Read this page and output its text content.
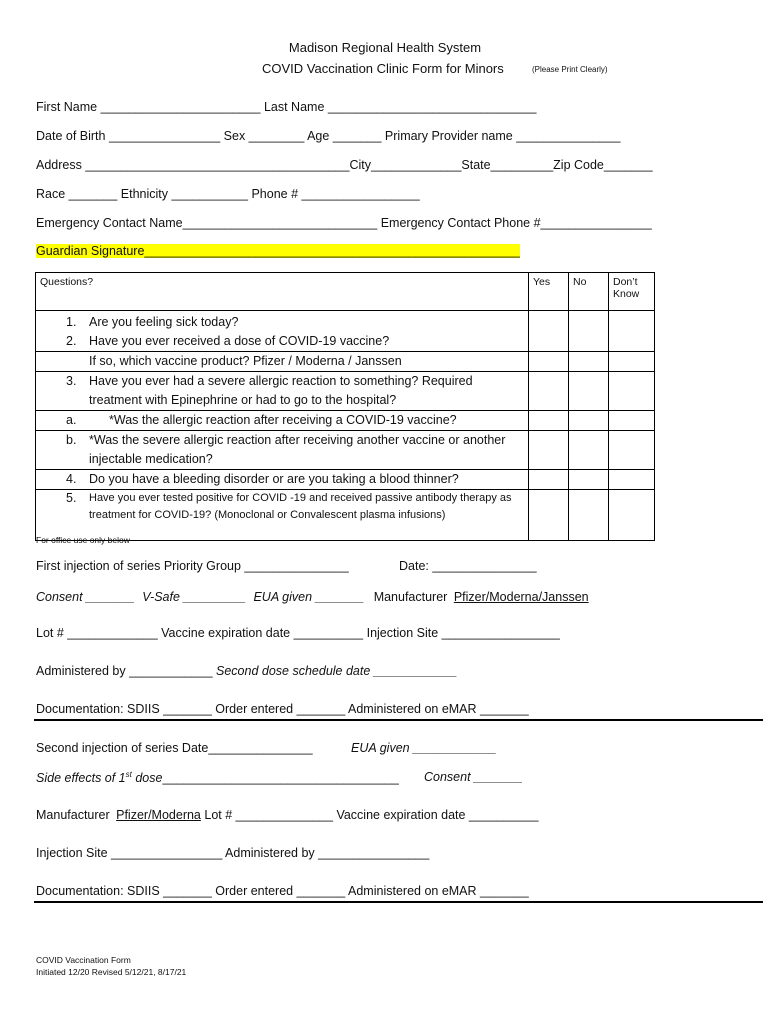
Madison Regional Health System
COVID Vaccination Clinic Form for Minors	(Please Print Clearly)
First Name _______________________ Last Name ______________________________
Date of Birth ________________ Sex ________ Age _______ Primary Provider name _______________
Address ______________________________________City_____________State_________Zip Code_______
Race _______ Ethnicity ___________ Phone # _________________
Emergency Contact Name____________________________ Emergency Contact Phone #________________
Guardian Signature______________________________________________________
Questions?	Yes	No	Don’t Know

1. Are you feeling sick today?
2. Have you ever received a dose of COVID-19 vaccine?			

If so, which vaccine product? Pfizer / Moderna / Janssen			

3. Have you ever had a severe allergic reaction to something? Required treatment with Epinephrine or had to go to the hospital?			

a. *Was the allergic reaction after receiving a COVID-19 vaccine?			

b. *Was the severe allergic reaction after receiving another vaccine or another injectable medication?			

4. Do you have a bleeding disorder or are you taking a blood thinner?			

5. Have you ever tested positive for COVID -19 and received passive antibody therapy as treatment for COVID-19? (Monoclonal or Convalescent plasma infusions)			

For office use only below
First injection of series Priority Group _______________	Date: _______________
Consent _______ V-Safe _________ EUA given _______ Manufacturer Pfizer/Moderna/Janssen
Lot # _____________ Vaccine expiration date __________ Injection Site _________________
Administered by ____________ Second dose schedule date ____________
Documentation: SDIIS _______ Order entered _______ Administered on eMAR _______
Second injection of series Date_______________	EUA given ____________
Side effects of 1st dose__________________________________ Consent _______
Manufacturer Pfizer/Moderna Lot # ______________ Vaccine expiration date __________
Injection Site ________________ Administered by ________________
Documentation: SDIIS _______ Order entered _______ Administered on eMAR _______
COVID Vaccination Form
Initiated 12/20 Revised 5/12/21, 8/17/21
